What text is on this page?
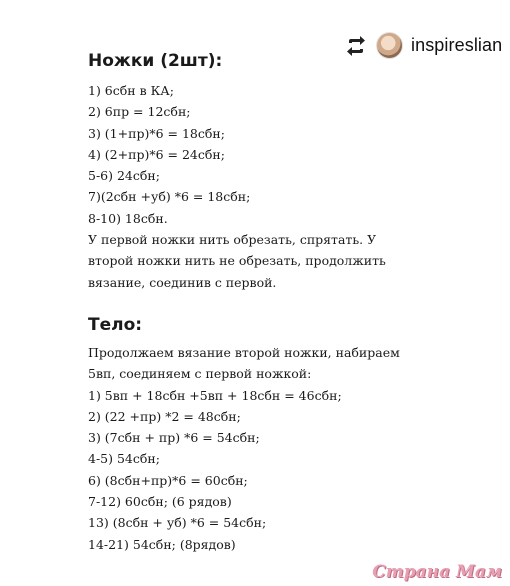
inspireslian
Ножки (2шт):
1) 6сбн в КА;
2) 6пр = 12сбн;
3) (1+пр)*6 = 18сбн;
4) (2+пр)*6 = 24сбн;
5-6) 24сбн;
7)(2сбн +уб) *6 = 18сбн;
8-10) 18сбн.
У первой ножки нить обрезать, спрятать. У
второй ножки нить не обрезать, продолжить
вязание, соединив с первой.
Тело:
Продолжаем вязание второй ножки, набираем
5вп, соединяем с первой ножкой:
1) 5вп + 18сбн +5вп + 18сбн = 46сбн;
2) (22 +пр) *2 = 48сбн;
3) (7сбн + пр) *6 = 54сбн;
4-5) 54сбн;
6) (8сбн+пр)*6 = 60сбн;
7-12) 60сбн; (6 рядов)
13) (8сбн + уб) *6 = 54сбн;
14-21) 54сбн; (8рядов)
Страна Мам
